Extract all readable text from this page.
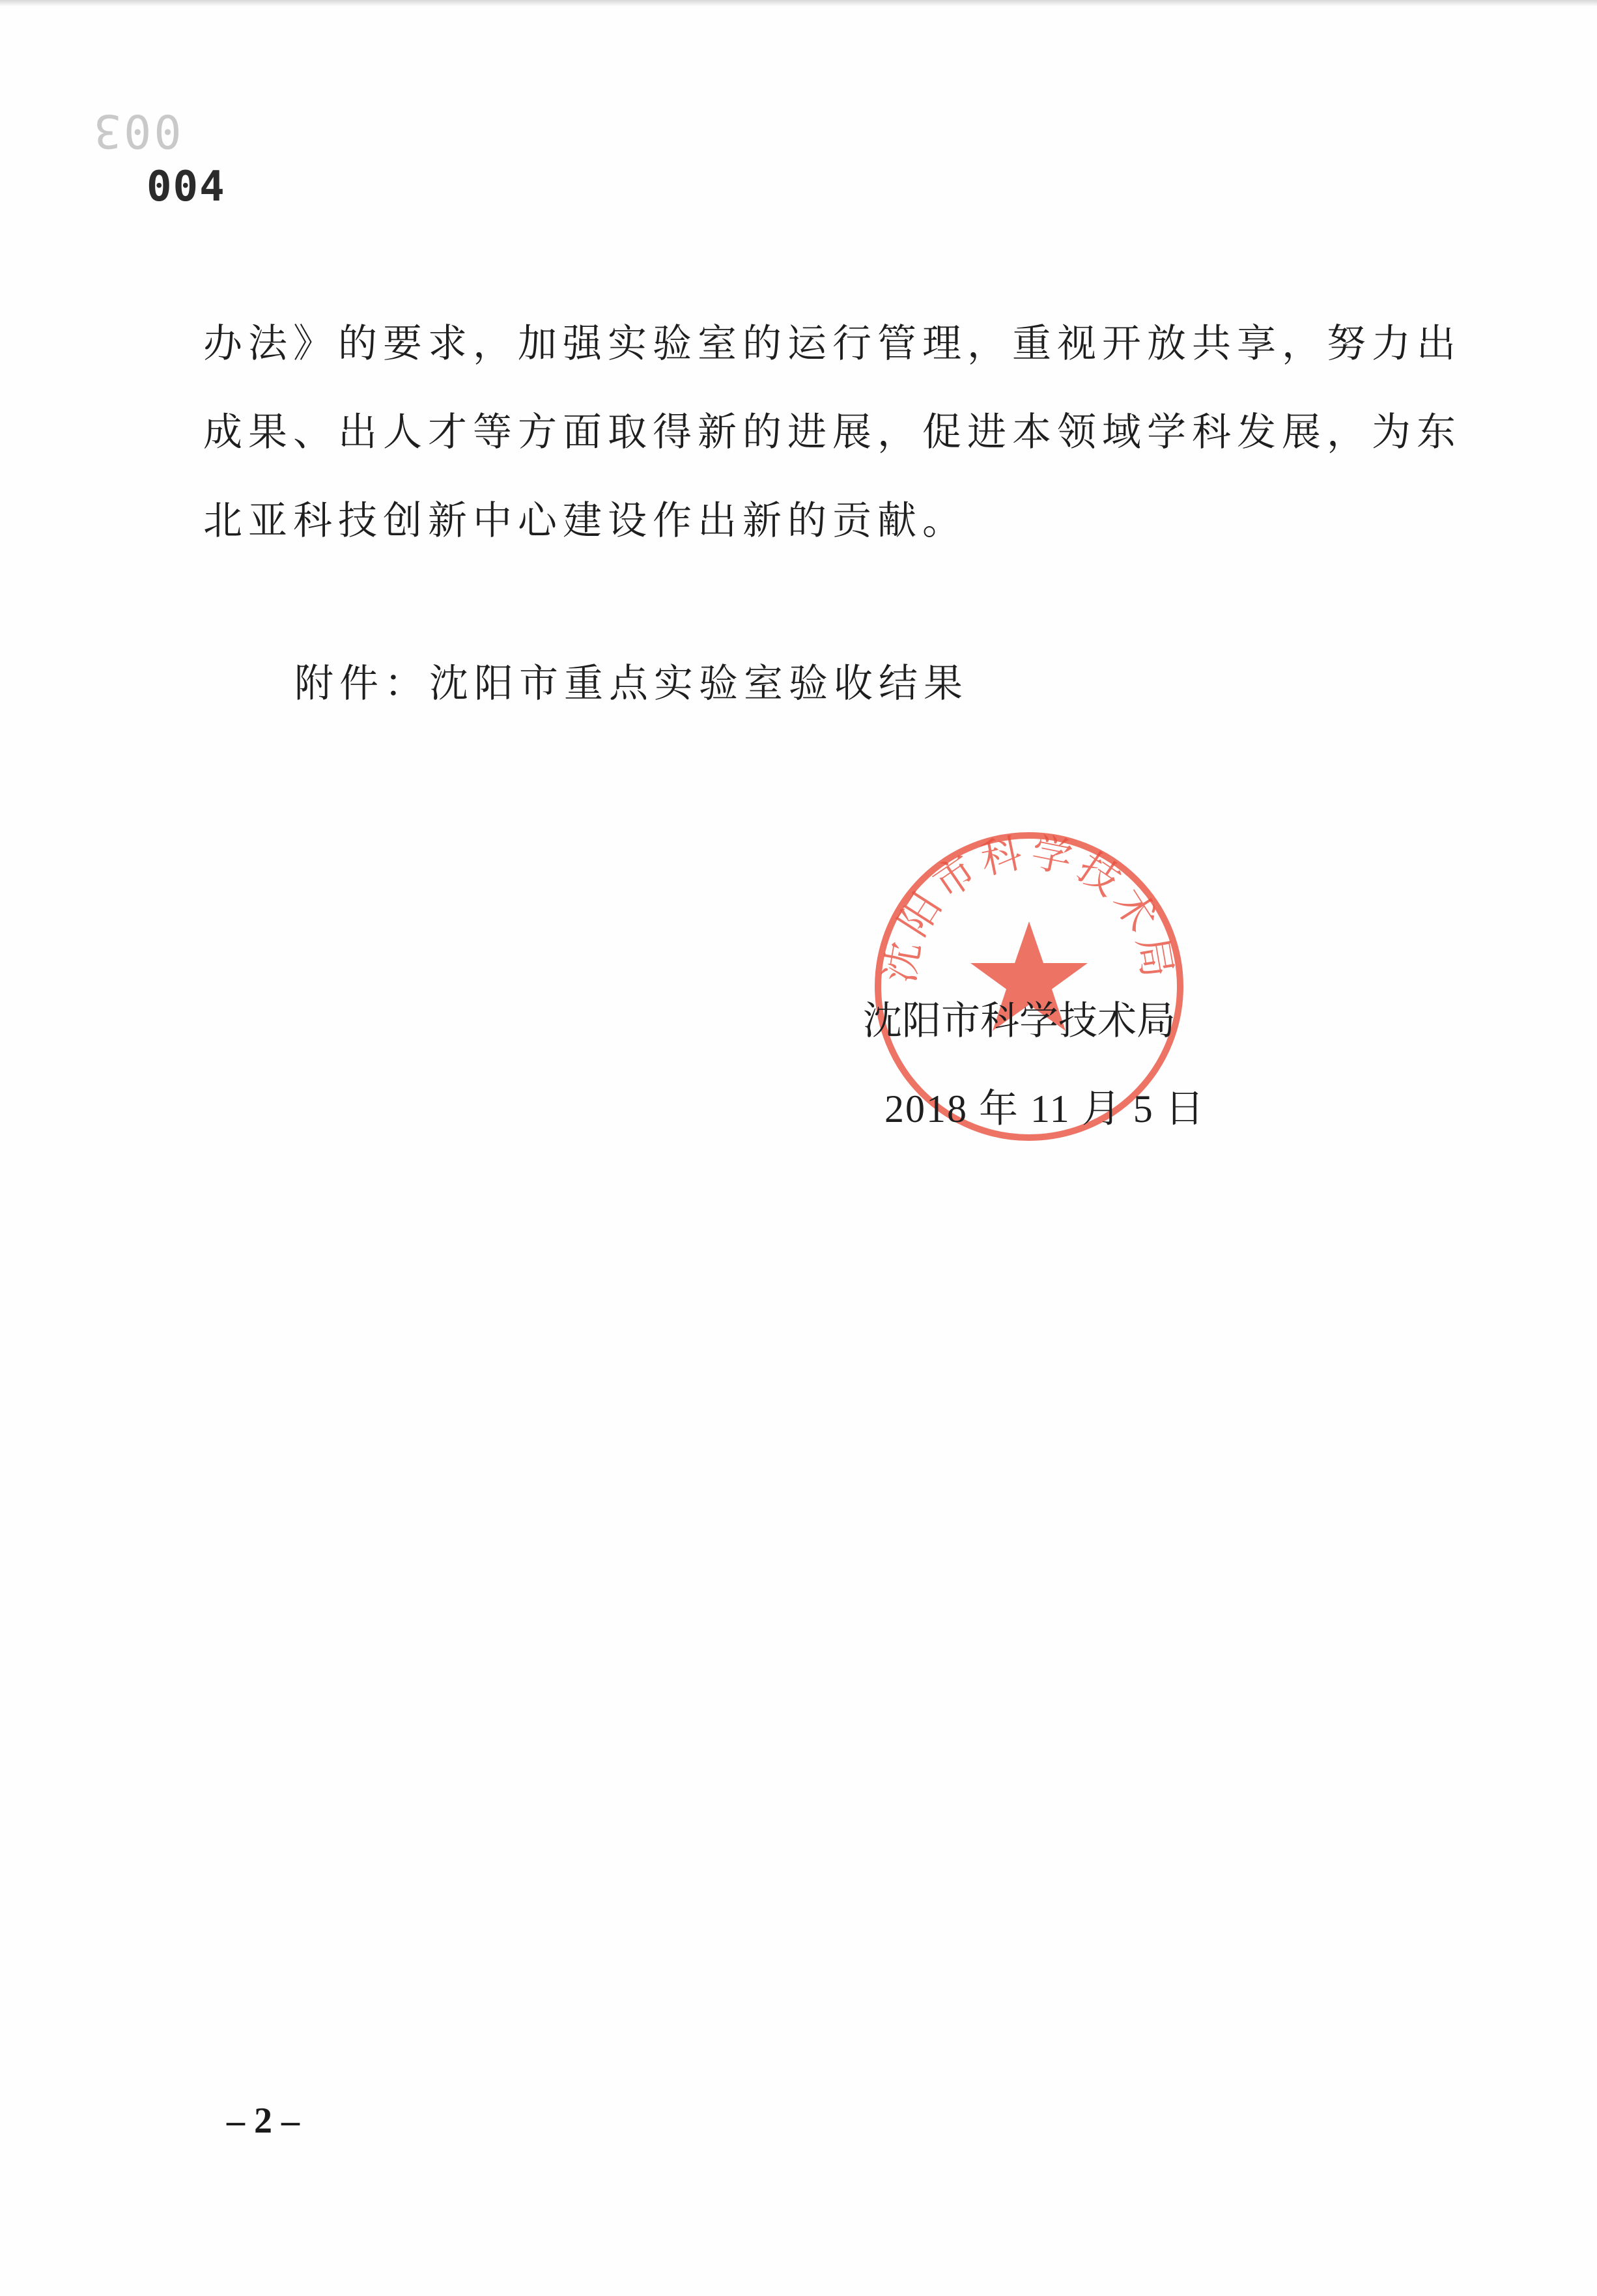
003
004

办法》的要求，加强实验室的运行管理，重视开放共享，努力出

成果、出人才等方面取得新的进展，促进本领域学科发展，为东

北亚科技创新中心建设作出新的贡献。

附件：沈阳市重点实验室验收结果
沈阳市科学技术局
沈阳市科学技术局
2018 年 11 月 5 日
– 2 –
